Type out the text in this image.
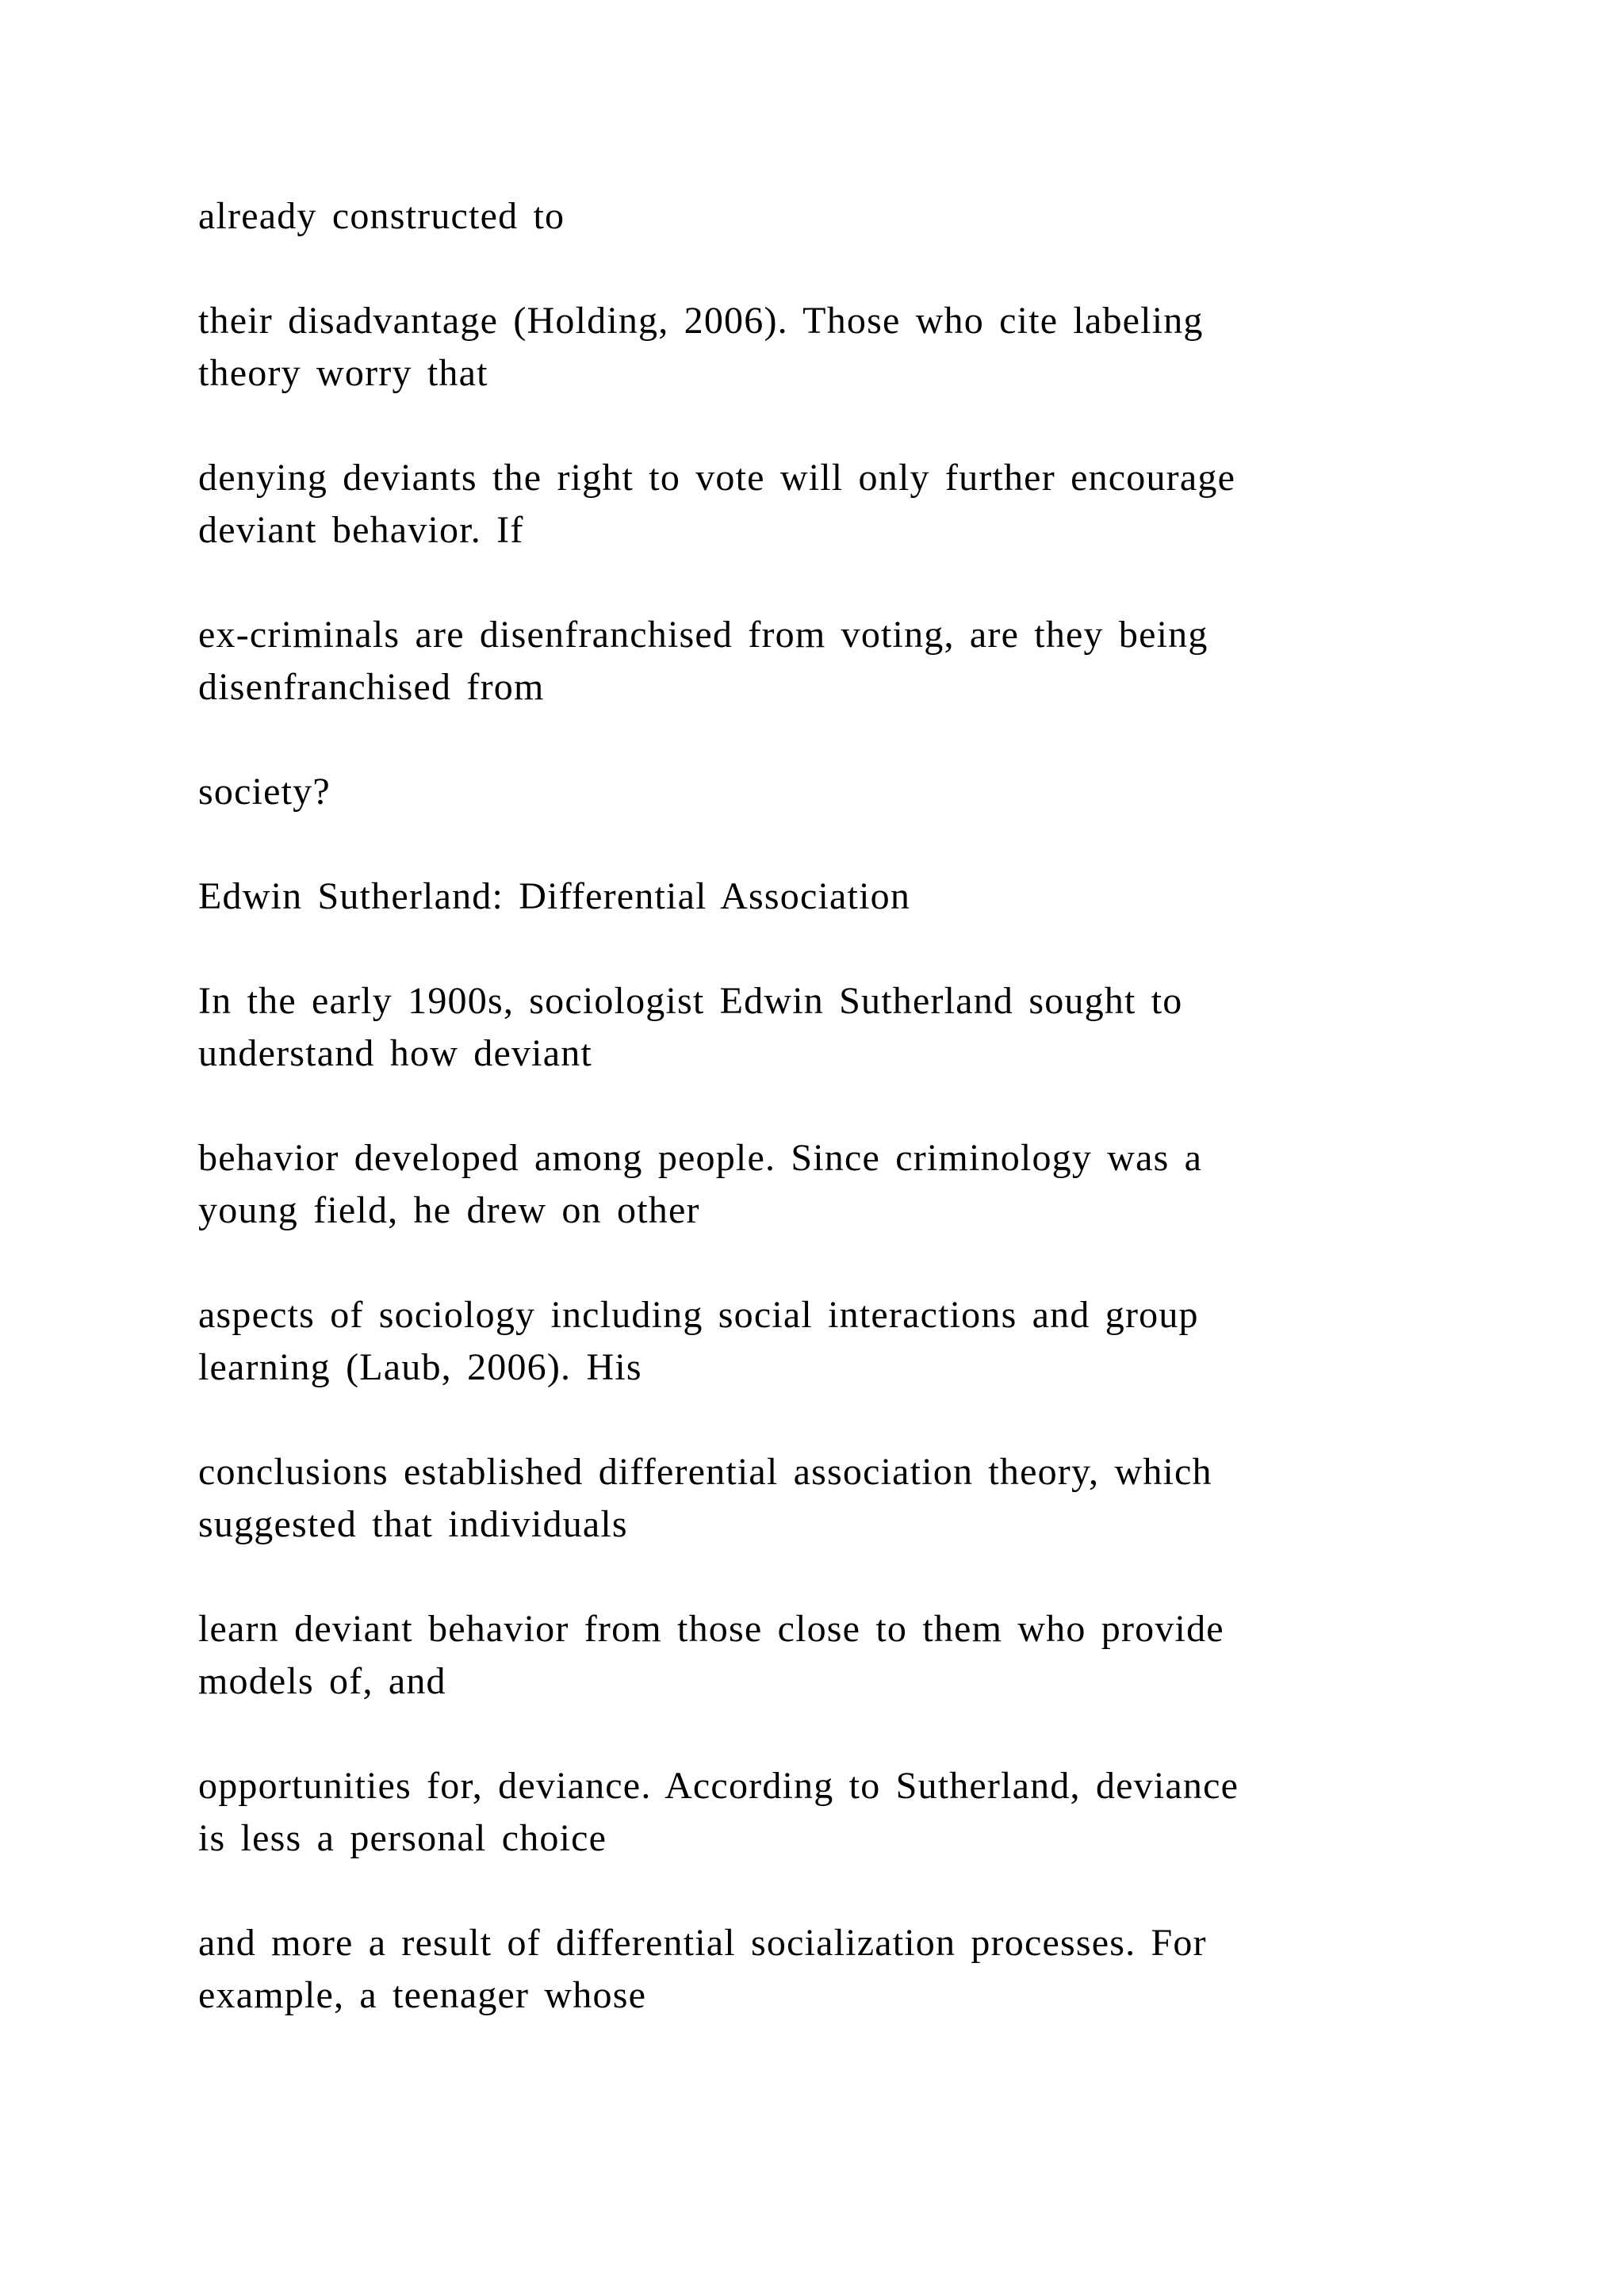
already constructed to

their disadvantage (Holding, 2006). Those who cite labeling
theory worry that

denying deviants the right to vote will only further encourage
deviant behavior. If

ex-criminals are disenfranchised from voting, are they being
disenfranchised from

society?

Edwin Sutherland: Differential Association

In the early 1900s, sociologist Edwin Sutherland sought to
understand how deviant

behavior developed among people. Since criminology was a
young field, he drew on other

aspects of sociology including social interactions and group
learning (Laub, 2006). His

conclusions established differential association theory, which
suggested that individuals

learn deviant behavior from those close to them who provide
models of, and

opportunities for, deviance. According to Sutherland, deviance
is less a personal choice

and more a result of differential socialization processes. For
example, a teenager whose
